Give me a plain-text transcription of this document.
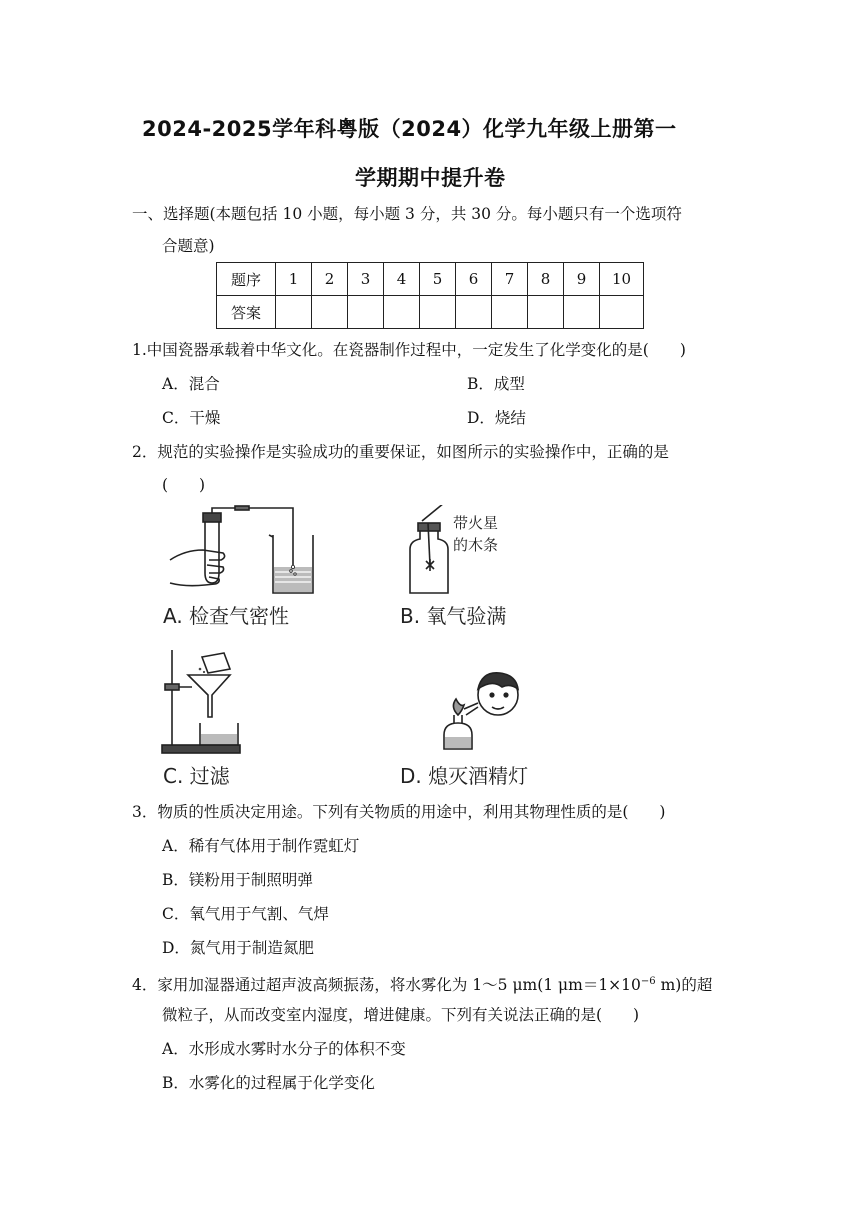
2024-2025学年科粤版（2024）化学九年级上册第一
学期期中提升卷
一、选择题(本题包括 10 小题，每小题 3 分，共 30 分。每小题只有一个选项符
合题意)
题序	1	2	3	4	5	6	7	8	9	10
答案										
1.中国瓷器承载着中华文化。在瓷器制作过程中，一定发生了化学变化的是(　　)
A．混合	B．成型
C．干燥	D．烧结
2．规范的实验操作是实验成功的重要保证，如图所示的实验操作中，正确的是
(　　)
A. 检查气密性
带火星
的木条
B. 氧气验满
C. 过滤	D. 熄灭酒精灯
3．物质的性质决定用途。下列有关物质的用途中，利用其物理性质的是(　　)
A．稀有气体用于制作霓虹灯
B．镁粉用于制照明弹
C．氧气用于气割、气焊
D．氮气用于制造氮肥
4．家用加湿器通过超声波高频振荡，将水雾化为 1～5 μm(1 $\mu m=1\times 10^{-6}$ m)的超
微粒子，从而改变室内湿度，增进健康。下列有关说法正确的是(　　)
A．水形成水雾时水分子的体积不变
B．水雾化的过程属于化学变化
